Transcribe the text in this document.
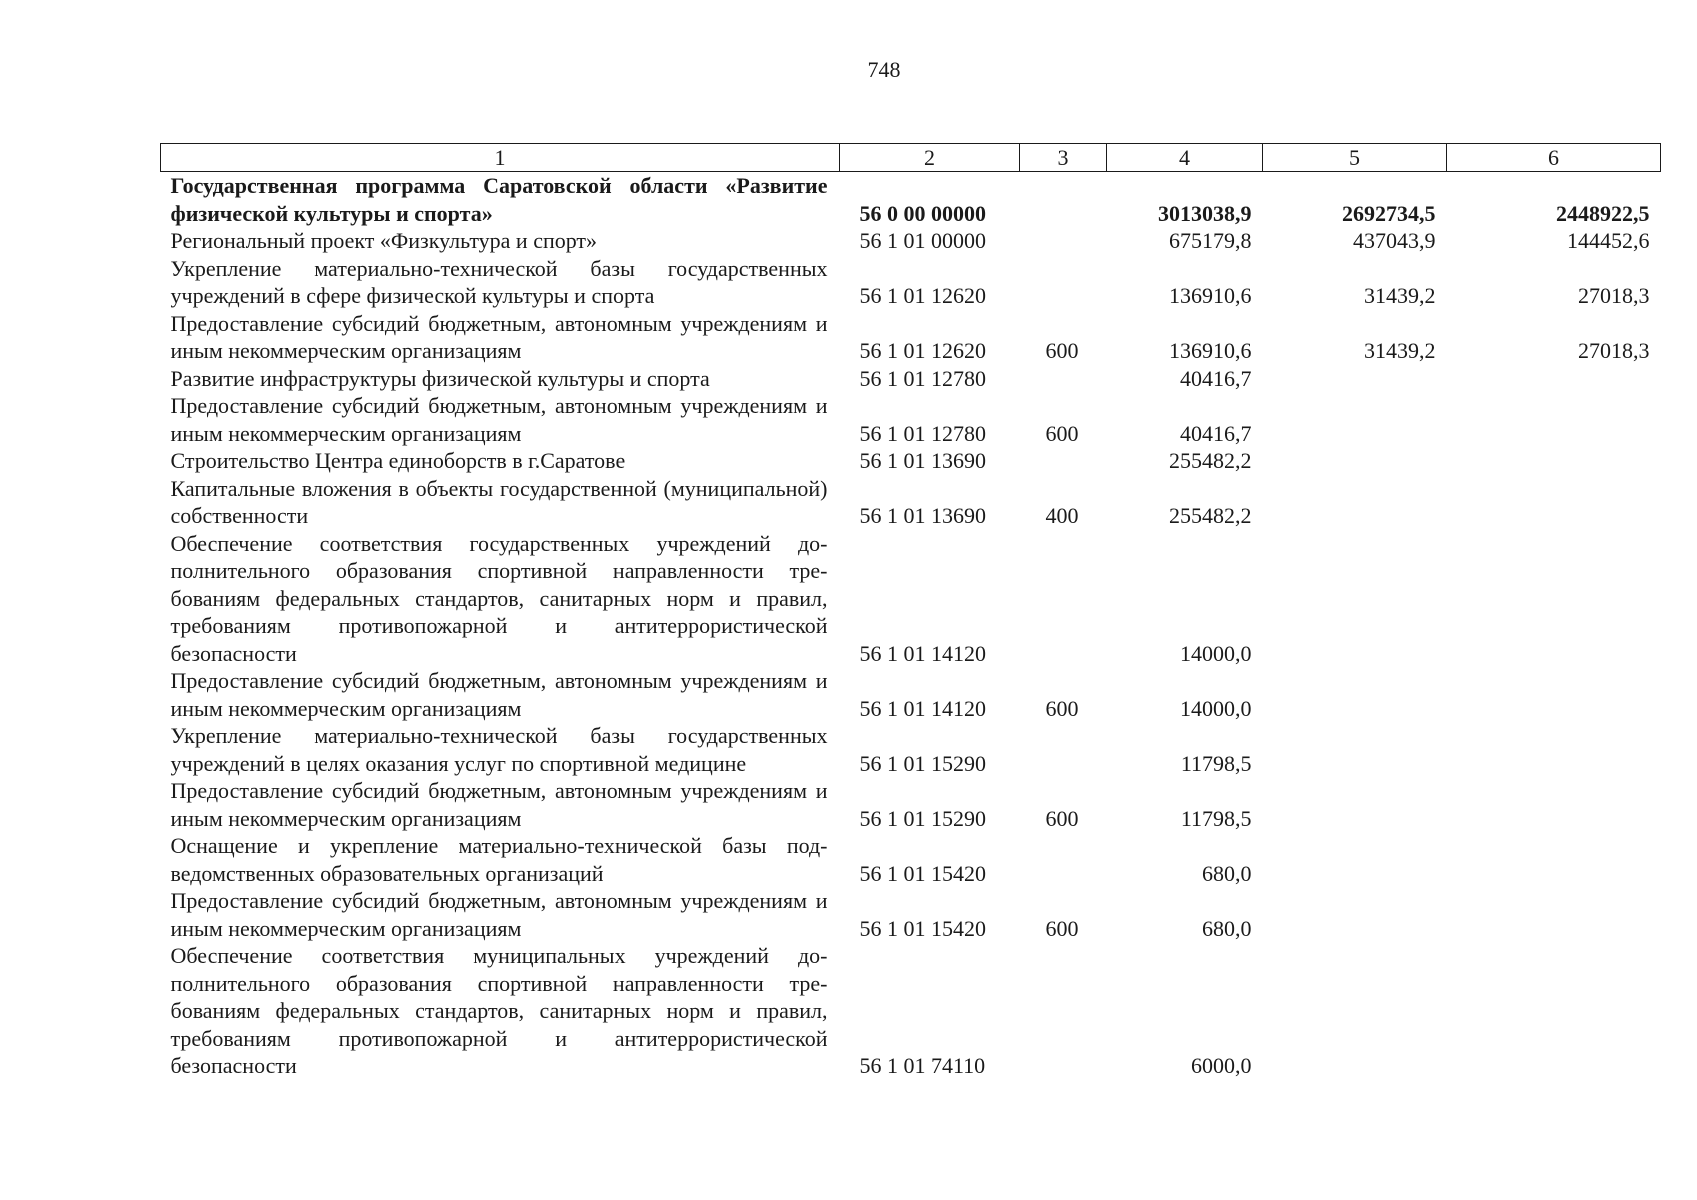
748
1	2	3	4	5	6
Государственная программа Саратовской области «Развитие физической культуры и спорта»	56 0 00 00000		3013038,9	2692734,5	2448922,5
Региональный проект «Физкультура и спорт»	56 1 01 00000		675179,8	437043,9	144452,6
Укрепление материально-технической базы государственных учреждений в сфере физической культуры и спорта	56 1 01 12620		136910,6	31439,2	27018,3
Предоставление субсидий бюджетным, автономным учреждениям и иным некоммерческим организациям	56 1 01 12620	600	136910,6	31439,2	27018,3
Развитие инфраструктуры физической культуры и спорта	56 1 01 12780		40416,7		
Предоставление субсидий бюджетным, автономным учреждениям и иным некоммерческим организациям	56 1 01 12780	600	40416,7		
Строительство Центра единоборств в г.Саратове	56 1 01 13690		255482,2		
Капитальные вложения в объекты государственной (муниципальной) собственности	56 1 01 13690	400	255482,2		
Обеспечение соответствия государственных учреждений дополнительного образования спортивной направленности требованиям федеральных стандартов, санитарных норм и правил, требованиям противопожарной и антитеррористической безопасности	56 1 01 14120		14000,0		
Предоставление субсидий бюджетным, автономным учреждениям и иным некоммерческим организациям	56 1 01 14120	600	14000,0		
Укрепление материально-технической базы государственных учреждений в целях оказания услуг по спортивной медицине	56 1 01 15290		11798,5		
Предоставление субсидий бюджетным, автономным учреждениям и иным некоммерческим организациям	56 1 01 15290	600	11798,5		
Оснащение и укрепление материально-технической базы подведомственных образовательных организаций	56 1 01 15420		680,0		
Предоставление субсидий бюджетным, автономным учреждениям и иным некоммерческим организациям	56 1 01 15420	600	680,0		
Обеспечение соответствия муниципальных учреждений дополнительного образования спортивной направленности требованиям федеральных стандартов, санитарных норм и правил, требованиям противопожарной и антитеррористической безопасности	56 1 01 74110		6000,0		
